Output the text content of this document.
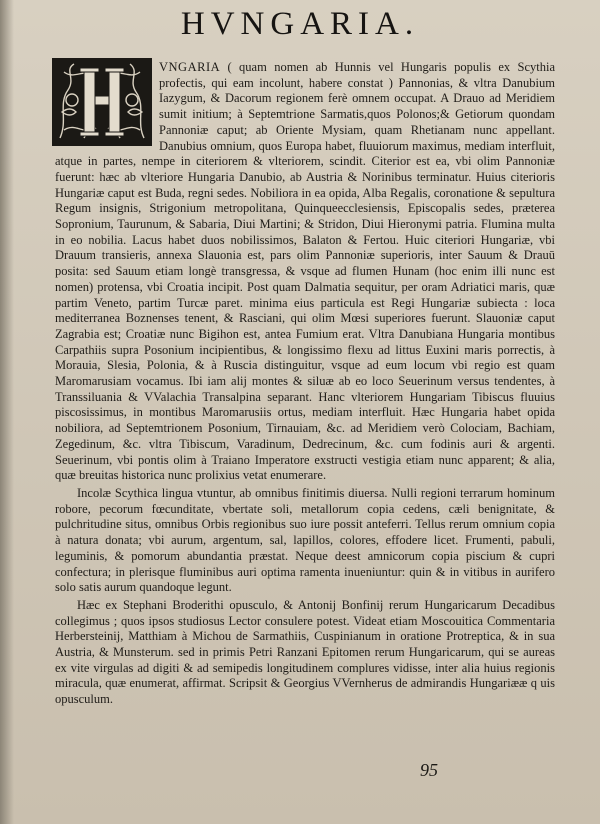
HVNGARIA.

VNGARIA ( quam nomen ab Hunnis vel Hungaris populis ex Scythia profectis, qui eam incolunt, habere constat ) Pannonias, & vltra Danubium Iazygum, & Dacorum regionem ferè omnem occupat. A Drauo ad Meridiem sumit initium; à Septemtrione Sarmatis,quos Polonos;& Getiorum quondam Pannoniæ caput; ab Oriente Mysiam, quam Rhetianam nunc appellant. Danubius omnium, quos Europa habet, fluuiorum maximus, mediam interfluit, atque in partes, nempe in citeriorem & vlteriorem, scindit. Citerior est ea, vbi olim Pannoniæ fuerunt: hæc ab vlteriore Hungaria Danubio, ab Austria & Norinibus terminatur. Huius citerioris Hungariæ caput est Buda, regni sedes. Nobiliora in ea opida, Alba Regalis, coronatione & sepultura Regum insignis, Strigonium metropolitana, Quinqueecclesiensis, Episcopalis sedes, præterea Sopronium, Taurunum, & Sabaria, Diui Martini; & Stridon, Diui Hieronymi patria. Flumina multa in eo nobilia. Lacus habet duos nobilissimos, Balaton & Fertou. Huic citeriori Hungariæ, vbi Drauum transieris, annexa Slauonia est, pars olim Pannoniæ superioris, inter Sauum & Drauū posita: sed Sauum etiam longè transgressa, & vsque ad flumen Hunam (hoc enim illi nunc est nomen) protensa, vbi Croatia incipit. Post quam Dalmatia sequitur, per oram Adriatici maris, quæ partim Veneto, partim Turcæ paret. minima eius particula est Regi Hungariæ subiecta : loca mediterranea Boznenses tenent, & Rasciani, qui olim Mœsi superiores fuerunt. Slauoniæ caput Zagrabia est; Croatiæ nunc Bigihon est, antea Fumium erat. Vltra Danubiana Hungaria montibus Carpathiis supra Posonium incipientibus, & longissimo flexu ad littus Euxini maris porrectis, à Morauia, Slesia, Polonia, & à Ruscia distinguitur, vsque ad eum locum vbi regio est quam Maromarusiam vocamus. Ibi iam alij montes & siluæ ab eo loco Seuerinum versus tendentes, à Transsiluania & VValachia Transalpina separant. Hanc vlteriorem Hungariam Tibiscus fluuius piscosissimus, in montibus Maromarusiis ortus, mediam interfluit. Hæc Hungaria habet opida nobiliora, ad Septemtrionem Posonium, Tirnauiam, &c. ad Meridiem verò Colociam, Bachiam, Zegedinum, &c. vltra Tibiscum, Varadinum, Dedrecinum, &c. cum fodinis auri & argenti. Seuerinum, vbi pontis olim à Traiano Imperatore exstructi vestigia etiam nunc apparent; & alia, quæ breuitas historica nunc prolixius vetat enumerare.

Incolæ Scythica lingua vtuntur, ab omnibus finitimis diuersa. Nulli regioni terrarum hominum robore, pecorum fœcunditate, vbertate soli, metallorum copia cedens, cæli benignitate, & pulchritudine situs, omnibus Orbis regionibus suo iure possit anteferri. Tellus rerum omnium copia à natura donata; vbi aurum, argentum, sal, lapillos, colores, effodere licet. Frumenti, pabuli, leguminis, & pomorum abundantia præstat. Neque deest amnicorum copia piscium & cupri confectura; in plerisque fluminibus auri optima ramenta inueniuntur: quin & in vitibus in aurifero solo satis aurum quandoque legunt.

Hæc ex Stephani Broderithi opusculo, & Antonij Bonfinij rerum Hungaricarum Decadibus collegimus ; quos ipsos studiosus Lector consulere potest. Videat etiam Moscouitica Commentaria Herbersteinij, Matthiam à Michou de Sarmathiis, Cuspinianum in oratione Protreptica, & in sua Austria, & Munsterum. sed in primis Petri Ranzani Epitomen rerum Hungaricarum, qui se aureas ex vite virgulas ad digiti & ad semipedis longitudinem complures vidisse, inter alia huius regionis miracula, quæ enumerat, affirmat. Scripsit & Georgius VVernherus de admirandis Hungariææ q uis opusculum.

95
